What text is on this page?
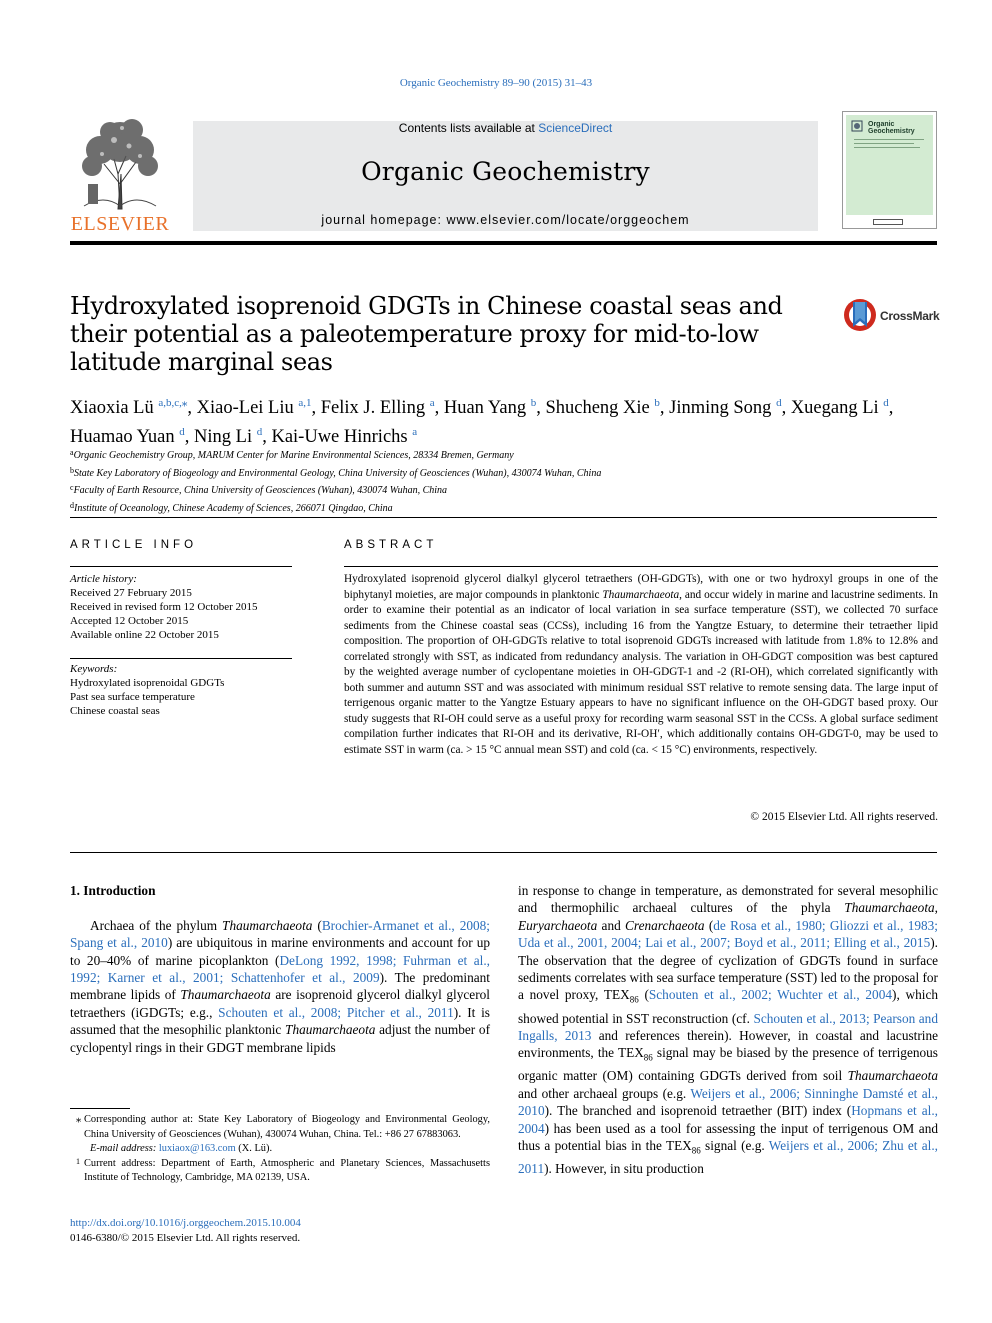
Organic Geochemistry 89–90 (2015) 31–43
ELSEVIER
Contents lists available at ScienceDirect
Organic Geochemistry
journal homepage: www.elsevier.com/locate/orggeochem
Organic Geochemistry
Hydroxylated isoprenoid GDGTs in Chinese coastal seas and their potential as a paleotemperature proxy for mid-to-low latitude marginal seas
CrossMark
Xiaoxia Lü $^{a,b,c,⁎}$, Xiao-Lei Liu $^{a,1}$, Felix J. Elling $^a$, Huan Yang $^b$, Shucheng Xie $^b$, Jinming Song $^d$, Xuegang Li $^d$, Huamao Yuan $^d$, Ning Li $^d$, Kai-Uwe Hinrichs $^a$
$^a$Organic Geochemistry Group, MARUM Center for Marine Environmental Sciences, 28334 Bremen, Germany
$^b$State Key Laboratory of Biogeology and Environmental Geology, China University of Geosciences (Wuhan), 430074 Wuhan, China
$^c$Faculty of Earth Resource, China University of Geosciences (Wuhan), 430074 Wuhan, China
$^d$Institute of Oceanology, Chinese Academy of Sciences, 266071 Qingdao, China
ARTICLE INFO
Article history:
Received 27 February 2015
Received in revised form 12 October 2015
Accepted 12 October 2015
Available online 22 October 2015
Keywords:
Hydroxylated isoprenoidal GDGTs
Past sea surface temperature
Chinese coastal seas
ABSTRACT
Hydroxylated isoprenoid glycerol dialkyl glycerol tetraethers (OH-GDGTs), with one or two hydroxyl groups in one of the biphytanyl moieties, are major compounds in planktonic Thaumarchaeota, and occur widely in marine and lacustrine sediments. In order to examine their potential as an indicator of local variation in sea surface temperature (SST), we collected 70 surface sediments from the Chinese coastal seas (CCSs), including 16 from the Yangtze Estuary, to determine their tetraether lipid composition. The proportion of OH-GDGTs relative to total isoprenoid GDGTs increased with latitude from 1.8% to 12.8% and correlated strongly with SST, as indicated from redundancy analysis. The variation in OH-GDGT composition was best captured by the weighted average number of cyclopentane moieties in OH-GDGT-1 and -2 (RI-OH), which correlated significantly with both summer and autumn SST and was associated with minimum residual SST relative to remote sensing data. The large input of terrigenous organic matter to the Yangtze Estuary appears to have no significant influence on the OH-GDGT based proxy. Our study suggests that RI-OH could serve as a useful proxy for recording warm seasonal SST in the CCSs. A global surface sediment compilation further indicates that RI-OH and its derivative, RI-OH′, which additionally contains OH-GDGT-0, may be used to estimate SST in warm (ca. > 15 °C annual mean SST) and cold (ca. < 15 °C) environments, respectively.
© 2015 Elsevier Ltd. All rights reserved.
1. Introduction

Archaea of the phylum Thaumarchaeota (Brochier-Armanet et al., 2008; Spang et al., 2010) are ubiquitous in marine environments and account for up to 20–40% of marine picoplankton (DeLong 1992, 1998; Fuhrman et al., 1992; Karner et al., 2001; Schattenhofer et al., 2009). The predominant membrane lipids of Thaumarchaeota are isoprenoid glycerol dialkyl glycerol tetraethers (iGDGTs; e.g., Schouten et al., 2008; Pitcher et al., 2011). It is assumed that the mesophilic planktonic Thaumarchaeota adjust the number of cyclopentyl rings in their GDGT membrane lipids

in response to change in temperature, as demonstrated for several mesophilic and thermophilic archaeal cultures of the phyla Thaumarchaeota, Euryarchaeota and Crenarchaeota (de Rosa et al., 1980; Gliozzi et al., 1983; Uda et al., 2001, 2004; Lai et al., 2007; Boyd et al., 2011; Elling et al., 2015). The observation that the degree of cyclization of GDGTs found in surface sediments correlates with sea surface temperature (SST) led to the proposal for a novel proxy, $TEX_{86}$ (Schouten et al., 2002; Wuchter et al., 2004), which showed potential in SST reconstruction (cf. Schouten et al., 2013; Pearson and Ingalls, 2013 and references therein). However, in coastal and lacustrine environments, the $TEX_{86}$ signal may be biased by the presence of terrigenous organic matter (OM) containing GDGTs derived from soil Thaumarchaeota and other archaeal groups (e.g. Weijers et al., 2006; Sinninghe Damsté et al., 2010). The branched and isoprenoid tetraether (BIT) index (Hopmans et al., 2004) has been used as a tool for assessing the input of terrigenous OM and thus a potential bias in the $TEX_{86}$ signal (e.g. Weijers et al., 2006; Zhu et al., 2011). However, in situ production

⁎ Corresponding author at: State Key Laboratory of Biogeology and Environmental Geology, China University of Geosciences (Wuhan), 430074 Wuhan, China. Tel.: +86 27 67883063.
E-mail address: luxiaox@163.com (X. Lü).
1 Current address: Department of Earth, Atmospheric and Planetary Sciences, Massachusetts Institute of Technology, Cambridge, MA 02139, USA.
http://dx.doi.org/10.1016/j.orggeochem.2015.10.004
0146-6380/© 2015 Elsevier Ltd. All rights reserved.
